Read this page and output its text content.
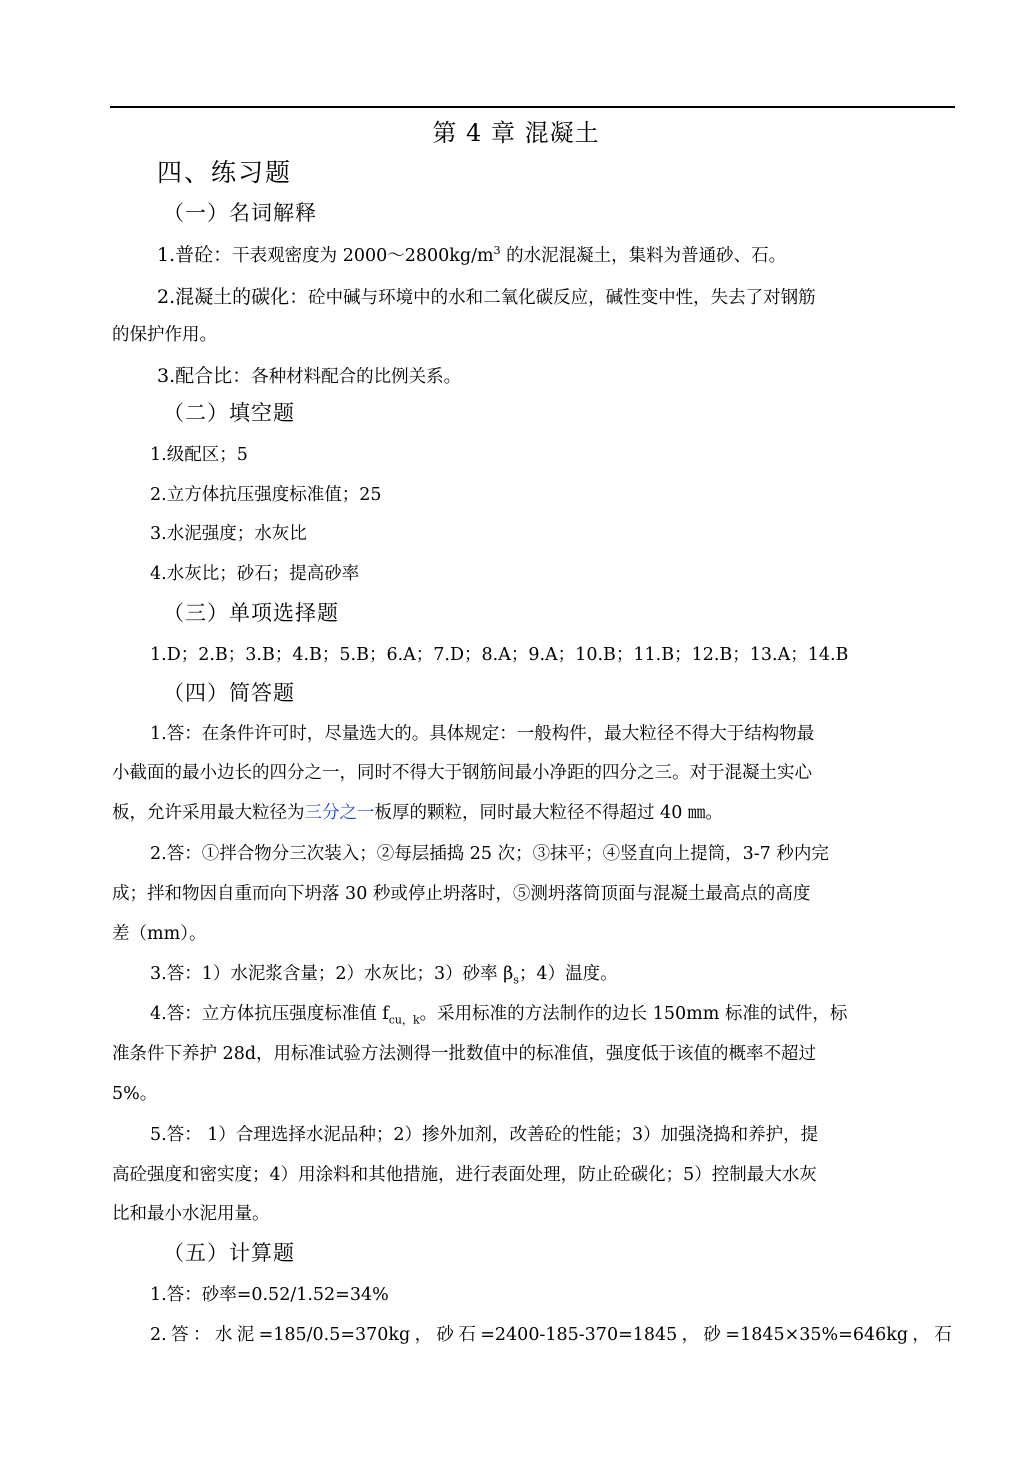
第 4 章 混凝土
四、练习题
（一）名词解释
1.普砼：干表观密度为 $2000\sim 2800kg/m^3$ 的水泥混凝土，集料为普通砂、石。
2.混凝土的碳化：砼中碱与环境中的水和二氧化碳反应，碱性变中性，失去了对钢筋
的保护作用。
3.配合比：各种材料配合的比例关系。
（二）填空题
1.级配区；5
2.立方体抗压强度标准值；25
3.水泥强度；水灰比
4.水灰比；砂石；提高砂率
（三）单项选择题
1.D；2.B；3.B；4.B；5.B；6.A；7.D；8.A；9.A；10.B；11.B；12.B；13.A；14.B
（四）简答题
1.答：在条件许可时，尽量选大的。具体规定：一般构件，最大粒径不得大于结构物最
小截面的最小边长的四分之一，同时不得大于钢筋间最小净距的四分之三。对于混凝土实心
板，允许采用最大粒径为三分之一板厚的颗粒，同时最大粒径不得超过 40 ㎜。
2.答：①拌合物分三次装入；②每层插捣 25 次；③抹平；④竖直向上提筒，3-7 秒内完
成；拌和物因自重而向下坍落 30 秒或停止坍落时，⑤测坍落筒顶面与混凝土最高点的高度
差（mm）。
3.答：1）水泥浆含量；2）水灰比；3）砂率 $\beta_s$；4）温度。
4.答：立方体抗压强度标准值 $f_{cu,k}$。采用标准的方法制作的边长 150mm 标准的试件，标
准条件下养护 28d，用标准试验方法测得一批数值中的标准值，强度低于该值的概率不超过
5%。
5.答： 1）合理选择水泥品种；2）掺外加剂，改善砼的性能；3）加强浇捣和养护，提
高砼强度和密实度；4）用涂料和其他措施，进行表面处理，防止砼碳化；5）控制最大水灰
比和最小水泥用量。
（五）计算题
1.答：砂率=0.52/1.52=34%
2. 答 ： 水 泥 =185/0.5=370kg ， 砂 石 =2400-185-370=1845 ， 砂 =1845×35%=646kg ， 石
